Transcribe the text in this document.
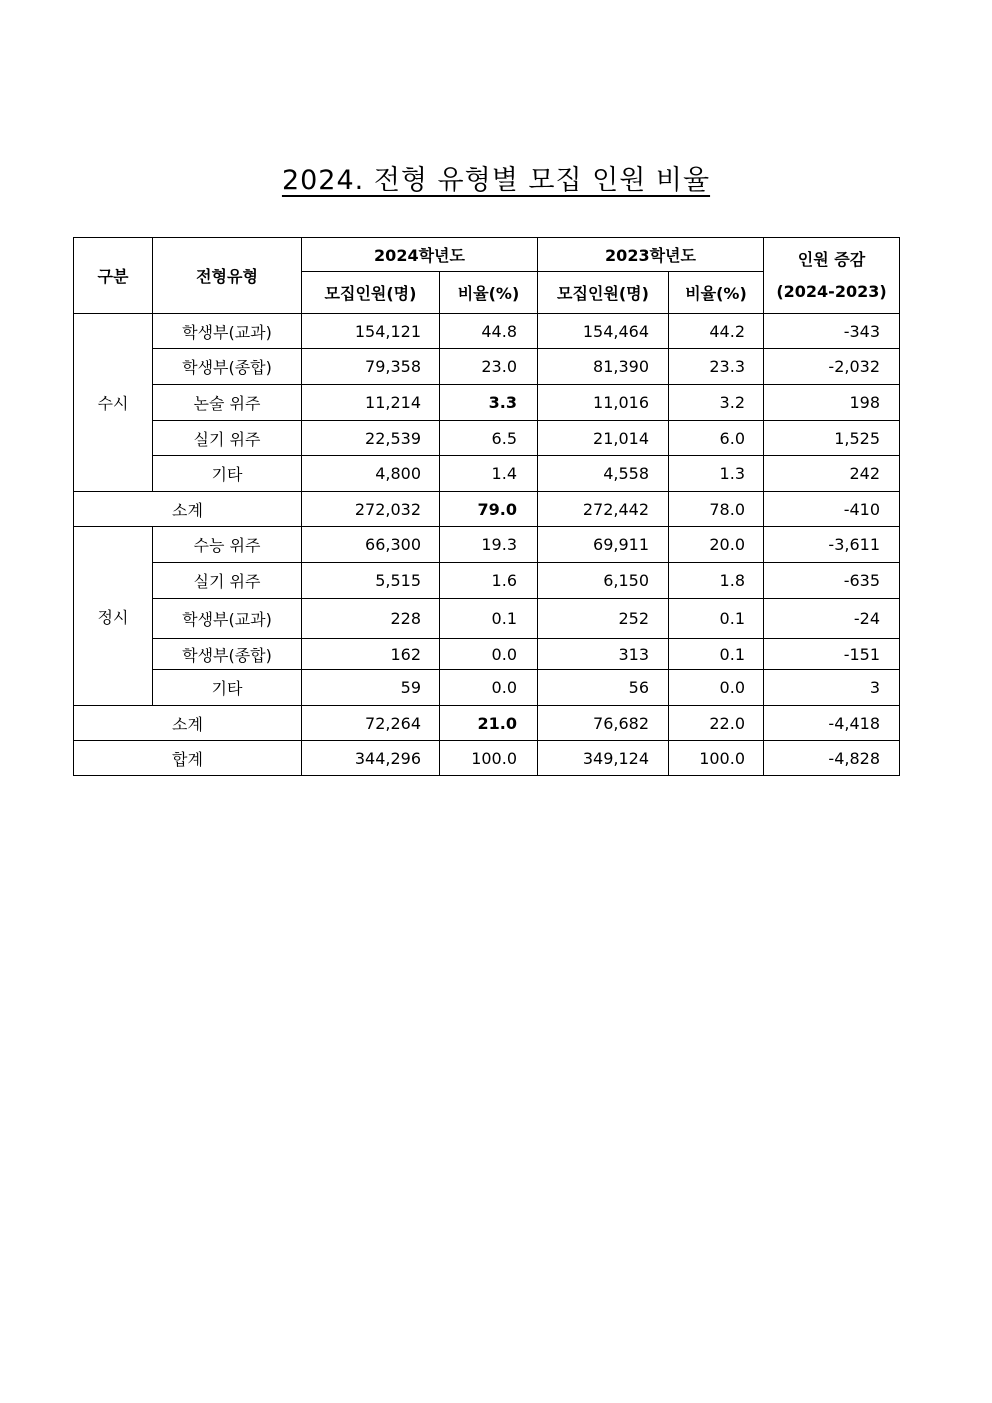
2024. 전형 유형별 모집 인원 비율
구분	전형유형	2024학년도		2023학년도		인원 증감
(2024-2023)

		모집인원(명)	비율(%)	모집인원(명)	비율(%)	
수시	학생부(교과)	154,121	44.8	154,464	44.2	-343
	학생부(종합)	79,358	23.0	81,390	23.3	-2,032
	논술 위주	11,214	3.3	11,016	3.2	198
	실기 위주	22,539	6.5	21,014	6.0	1,525
	기타	4,800	1.4	4,558	1.3	242
소계		272,032	79.0	272,442	78.0	-410
정시	수능 위주	66,300	19.3	69,911	20.0	-3,611
	실기 위주	5,515	1.6	6,150	1.8	-635
	학생부(교과)	228	0.1	252	0.1	-24
	학생부(종합)	162	0.0	313	0.1	-151
	기타	59	0.0	56	0.0	3
소계		72,264	21.0	76,682	22.0	-4,418
합계		344,296	100.0	349,124	100.0	-4,828
